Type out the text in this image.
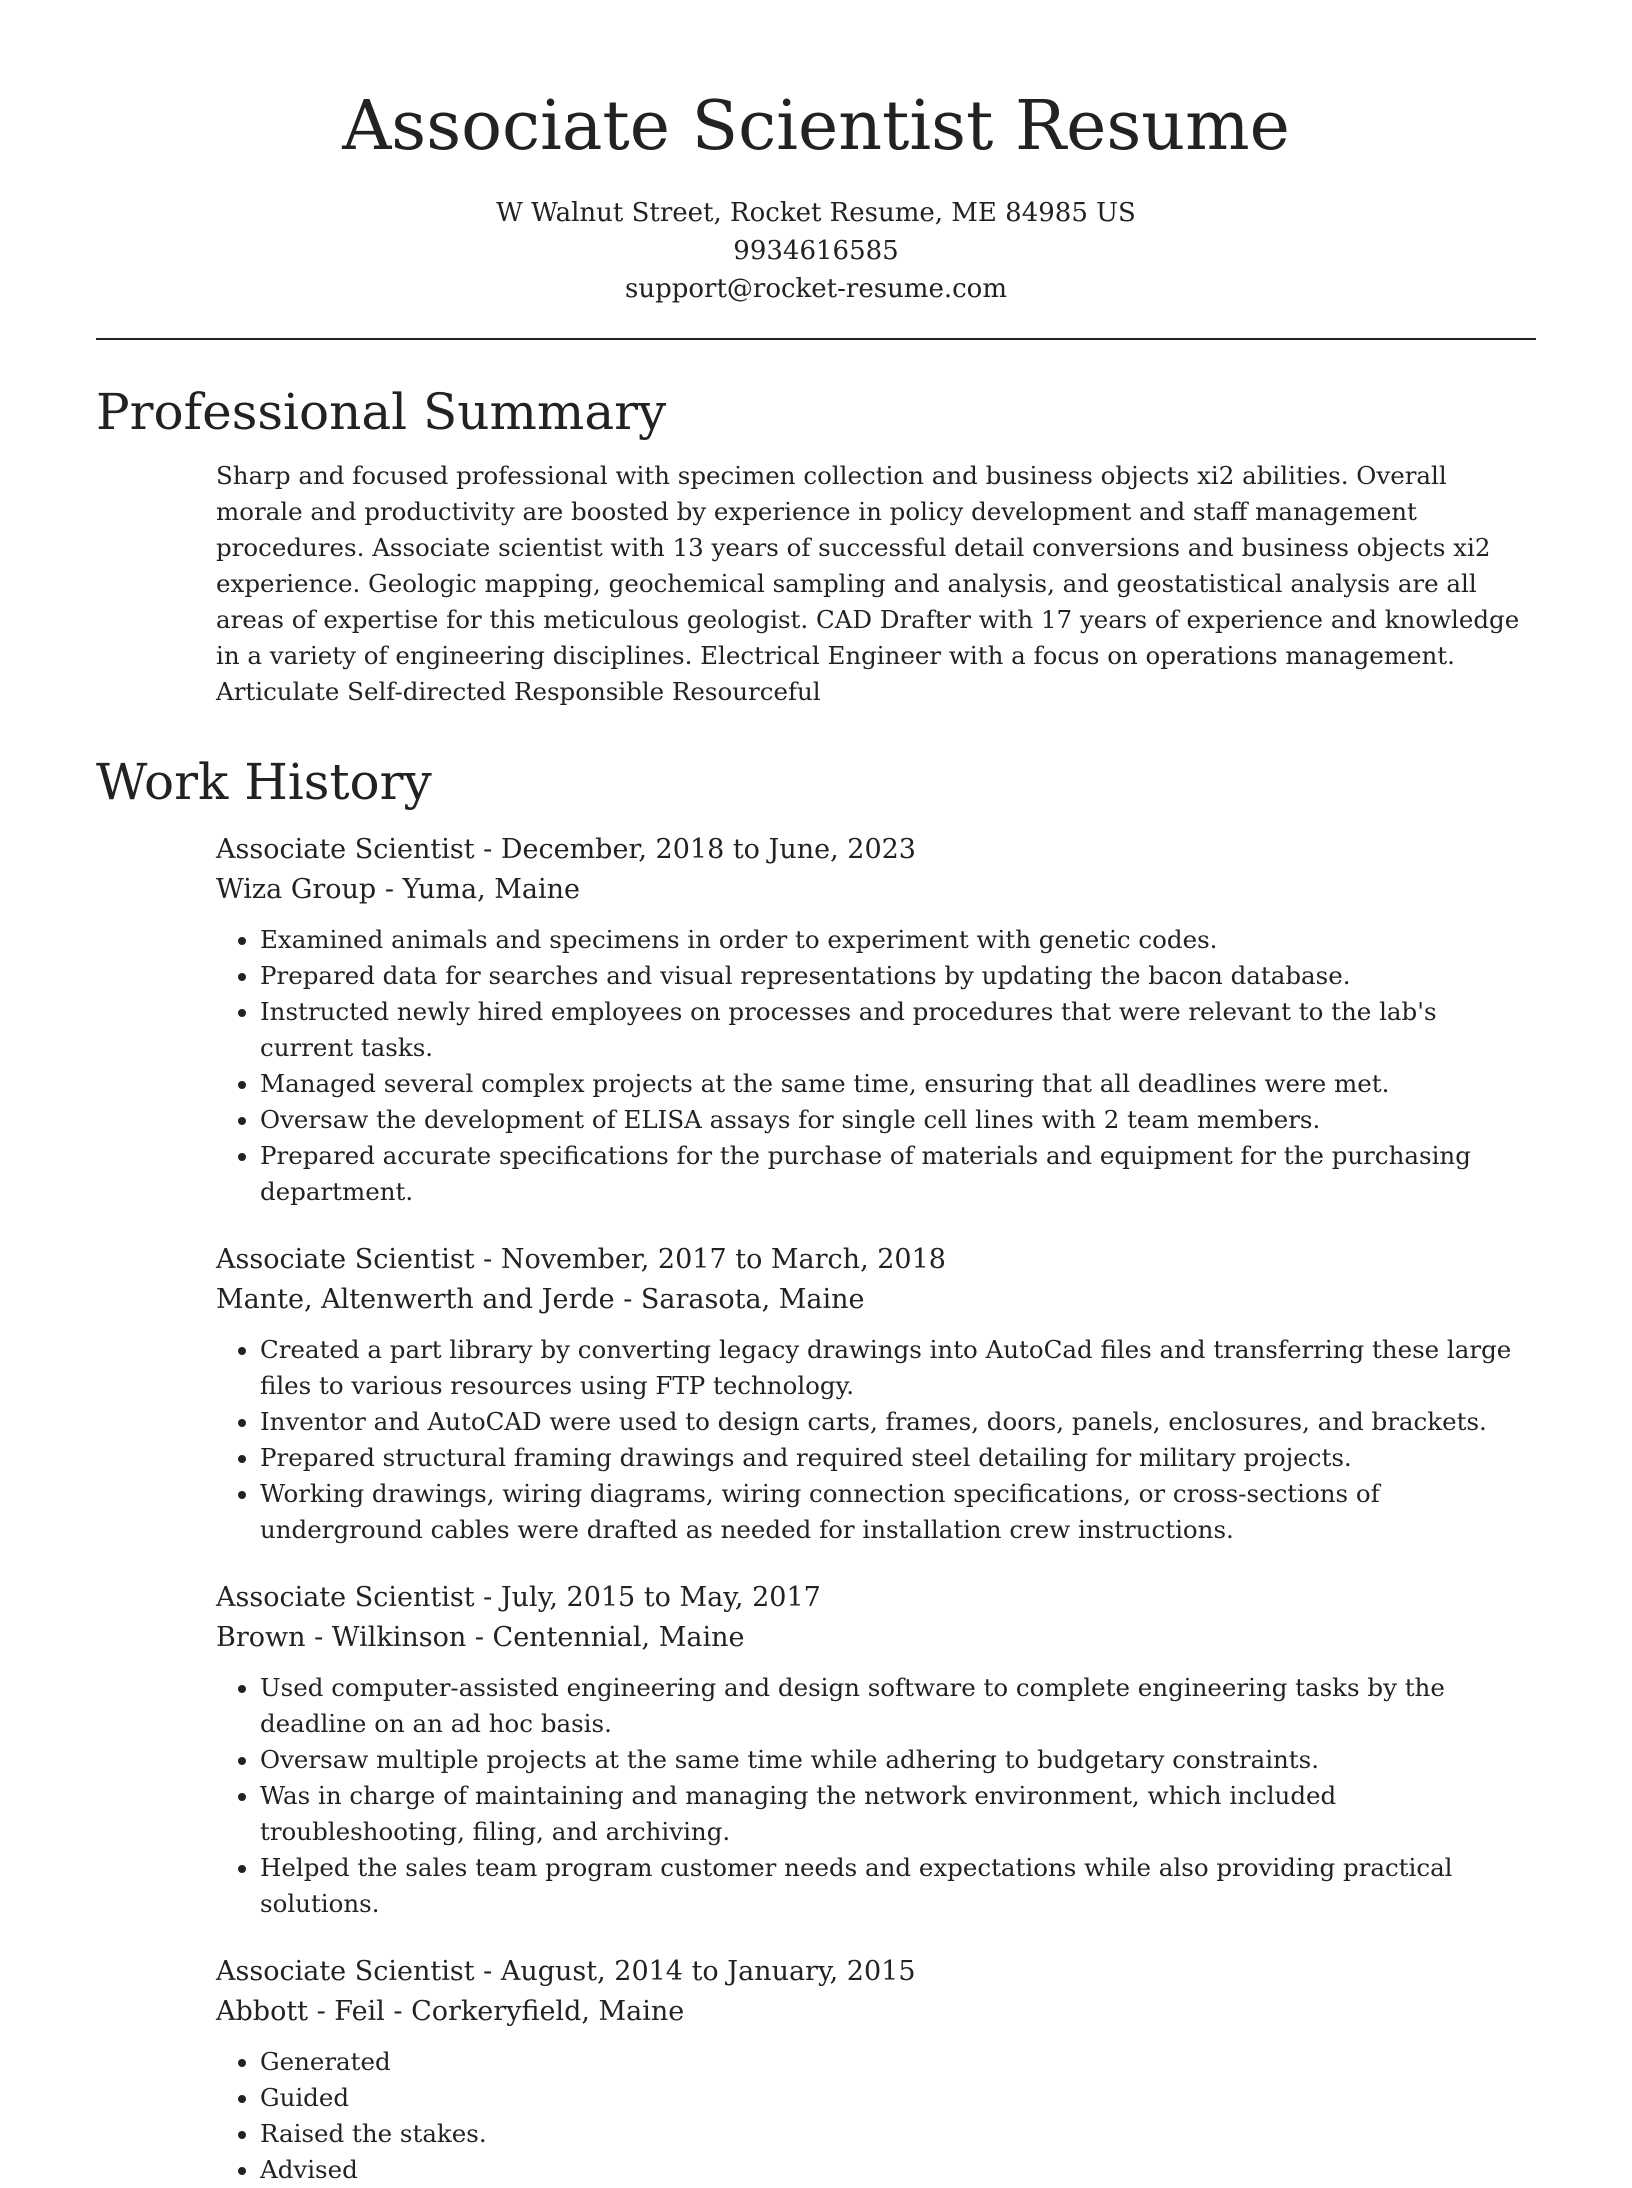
Associate Scientist Resume
W Walnut Street, Rocket Resume, ME 84985 US
9934616585
support@rocket-resume.com
Professional Summary

Sharp and focused professional with specimen collection and business objects xi2 abilities. Overall morale and productivity are boosted by experience in policy development and staff management procedures. Associate scientist with 13 years of successful detail conversions and business objects xi2 experience. Geologic mapping, geochemical sampling and analysis, and geostatistical analysis are all areas of expertise for this meticulous geologist. CAD Drafter with 17 years of experience and knowledge in a variety of engineering disciplines. Electrical Engineer with a focus on operations management. Articulate Self-directed Responsible Resourceful

Work History
Associate Scientist - December, 2018 to June, 2023
Wiza Group - Yuma, Maine
• Examined animals and specimens in order to experiment with genetic codes.
• Prepared data for searches and visual representations by updating the bacon database.
• Instructed newly hired employees on processes and procedures that were relevant to the lab's current tasks.
• Managed several complex projects at the same time, ensuring that all deadlines were met.
• Oversaw the development of ELISA assays for single cell lines with 2 team members.
• Prepared accurate specifications for the purchase of materials and equipment for the purchasing department.
Associate Scientist - November, 2017 to March, 2018
Mante, Altenwerth and Jerde - Sarasota, Maine
• Created a part library by converting legacy drawings into AutoCad files and transferring these large files to various resources using FTP technology.
• Inventor and AutoCAD were used to design carts, frames, doors, panels, enclosures, and brackets.
• Prepared structural framing drawings and required steel detailing for military projects.
• Working drawings, wiring diagrams, wiring connection specifications, or cross-sections of underground cables were drafted as needed for installation crew instructions.
Associate Scientist - July, 2015 to May, 2017
Brown - Wilkinson - Centennial, Maine
• Used computer-assisted engineering and design software to complete engineering tasks by the deadline on an ad hoc basis.
• Oversaw multiple projects at the same time while adhering to budgetary constraints.
• Was in charge of maintaining and managing the network environment, which included troubleshooting, filing, and archiving.
• Helped the sales team program customer needs and expectations while also providing practical solutions.
Associate Scientist - August, 2014 to January, 2015
Abbott - Feil - Corkeryfield, Maine
• Generated
• Guided
• Raised the stakes.
• Advised
